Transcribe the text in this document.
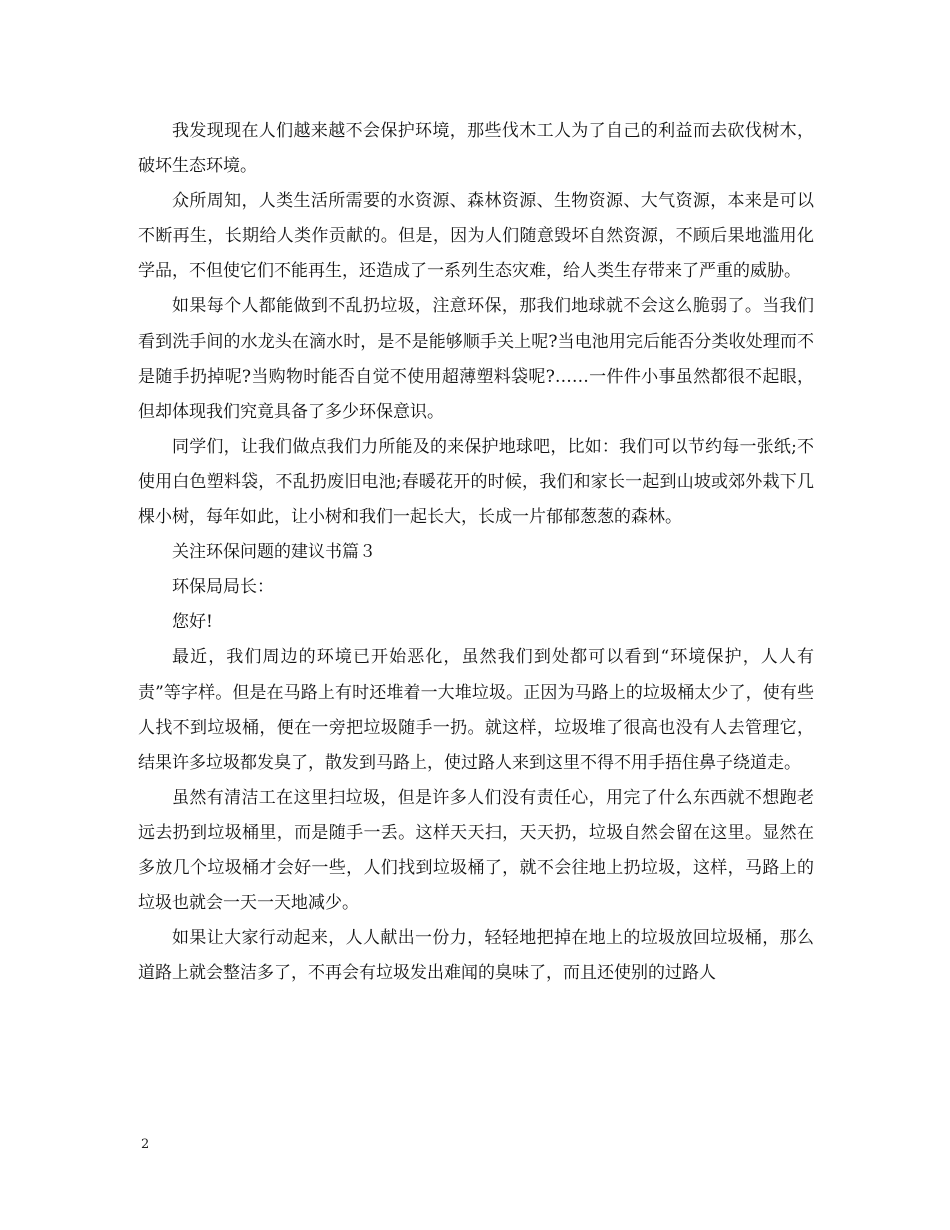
我发现现在人们越来越不会保护环境，那些伐木工人为了自己的利益而去砍伐树木，破坏生态环境。

众所周知，人类生活所需要的水资源、森林资源、生物资源、大气资源，本来是可以不断再生，长期给人类作贡献的。但是，因为人们随意毁坏自然资源，不顾后果地滥用化学品，不但使它们不能再生，还造成了一系列生态灾难，给人类生存带来了严重的威胁。

如果每个人都能做到不乱扔垃圾，注意环保，那我们地球就不会这么脆弱了。当我们看到洗手间的水龙头在滴水时，是不是能够顺手关上呢?当电池用完后能否分类收处理而不是随手扔掉呢?当购物时能否自觉不使用超薄塑料袋呢?……一件件小事虽然都很不起眼，但却体现我们究竟具备了多少环保意识。

同学们，让我们做点我们力所能及的来保护地球吧，比如：我们可以节约每一张纸;不使用白色塑料袋，不乱扔废旧电池;春暖花开的时候，我们和家长一起到山坡或郊外栽下几棵小树，每年如此，让小树和我们一起长大，长成一片郁郁葱葱的森林。

关注环保问题的建议书篇３

环保局局长：

您好!

最近，我们周边的环境已开始恶化，虽然我们到处都可以看到“环境保护，人人有责”等字样。但是在马路上有时还堆着一大堆垃圾。正因为马路上的垃圾桶太少了，使有些人找不到垃圾桶，便在一旁把垃圾随手一扔。就这样，垃圾堆了很高也没有人去管理它，结果许多垃圾都发臭了，散发到马路上，使过路人来到这里不得不用手捂住鼻子绕道走。

虽然有清洁工在这里扫垃圾，但是许多人们没有责任心，用完了什么东西就不想跑老远去扔到垃圾桶里，而是随手一丢。这样天天扫，天天扔，垃圾自然会留在这里。显然在多放几个垃圾桶才会好一些，人们找到垃圾桶了，就不会往地上扔垃圾，这样，马路上的垃圾也就会一天一天地减少。

如果让大家行动起来，人人献出一份力，轻轻地把掉在地上的垃圾放回垃圾桶，那么道路上就会整洁多了，不再会有垃圾发出难闻的臭味了，而且还使别的过路人

2
